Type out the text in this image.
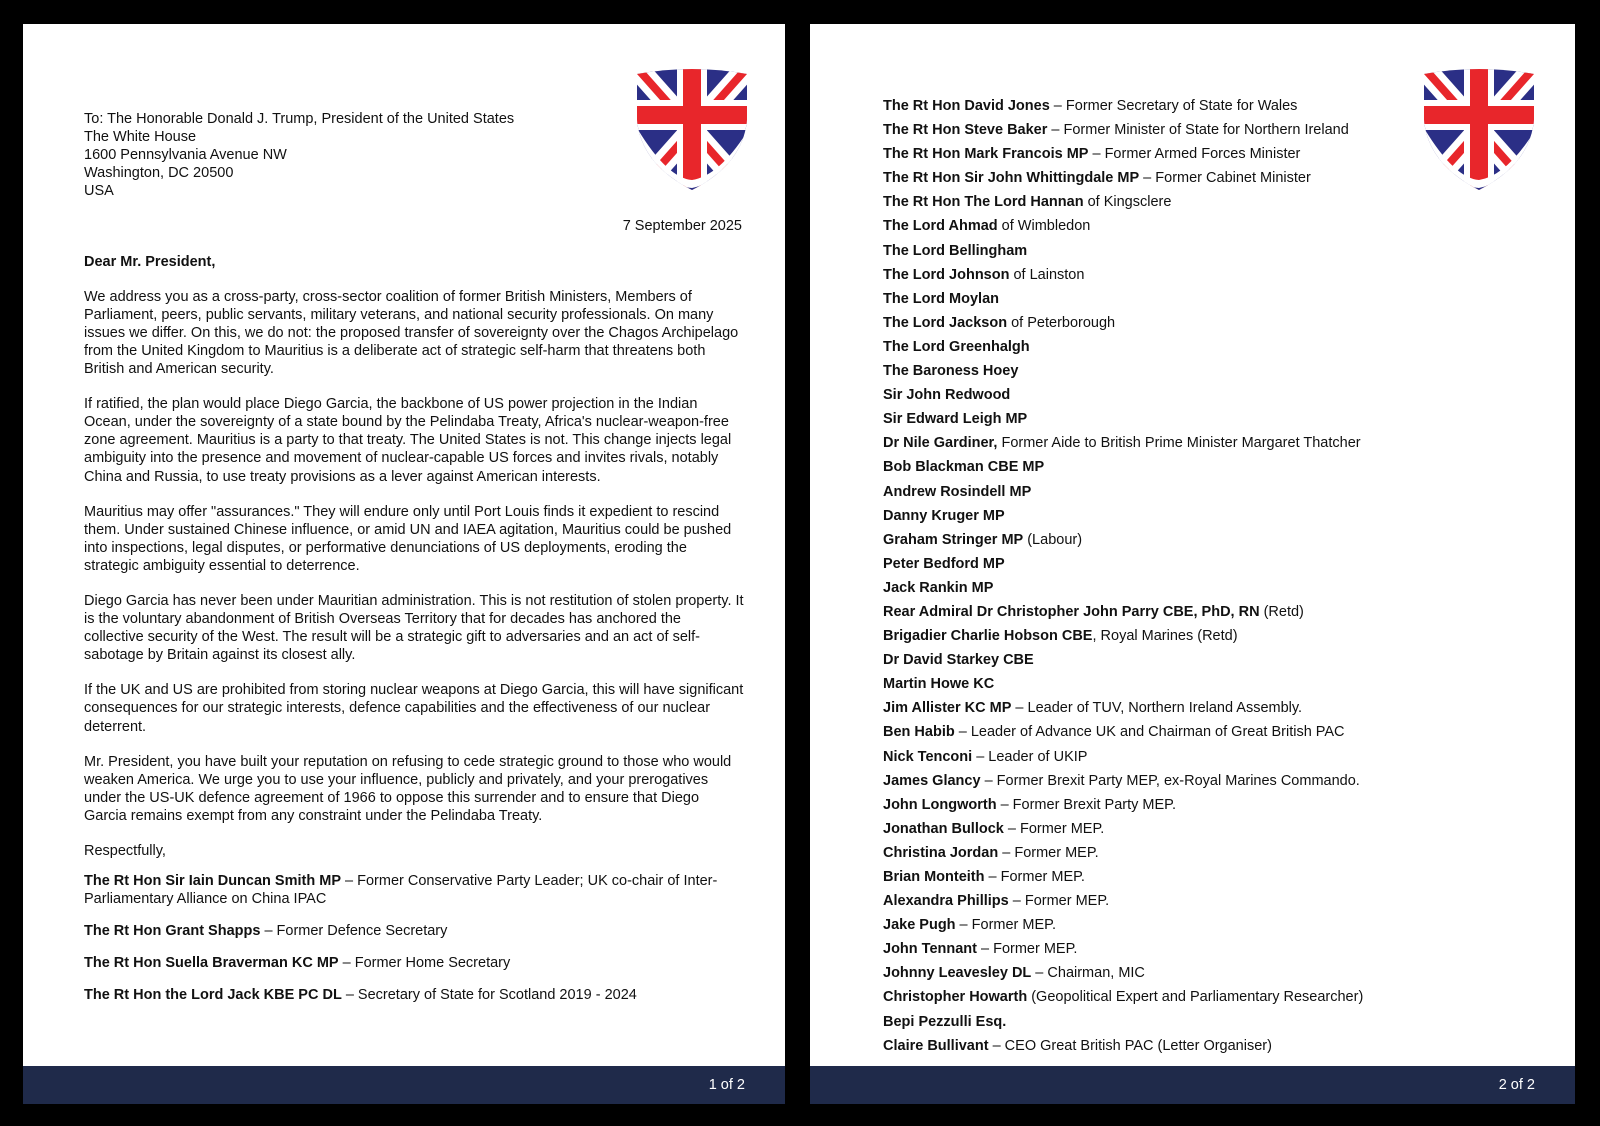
To: The Honorable Donald J. Trump, President of the United States
The White House
1600 Pennsylvania Avenue NW
Washington, DC 20500
USA
7 September 2025
Dear Mr. President,
We address you as a cross-party, cross-sector coalition of former British Ministers, Members of Parliament, peers, public servants, military veterans, and national security professionals. On many issues we differ. On this, we do not: the proposed transfer of sovereignty over the Chagos Archipelago from the United Kingdom to Mauritius is a deliberate act of strategic self-harm that threatens both British and American security.
If ratified, the plan would place Diego Garcia, the backbone of US power projection in the Indian Ocean, under the sovereignty of a state bound by the Pelindaba Treaty, Africa's nuclear-weapon-free zone agreement. Mauritius is a party to that treaty. The United States is not. This change injects legal ambiguity into the presence and movement of nuclear-capable US forces and invites rivals, notably China and Russia, to use treaty provisions as a lever against American interests.
Mauritius may offer "assurances." They will endure only until Port Louis finds it expedient to rescind them. Under sustained Chinese influence, or amid UN and IAEA agitation, Mauritius could be pushed into inspections, legal disputes, or performative denunciations of US deployments, eroding the strategic ambiguity essential to deterrence.
Diego Garcia has never been under Mauritian administration. This is not restitution of stolen property. It is the voluntary abandonment of British Overseas Territory that for decades has anchored the collective security of the West. The result will be a strategic gift to adversaries and an act of self-sabotage by Britain against its closest ally.
If the UK and US are prohibited from storing nuclear weapons at Diego Garcia, this will have significant consequences for our strategic interests, defence capabilities and the effectiveness of our nuclear deterrent.
Mr. President, you have built your reputation on refusing to cede strategic ground to those who would weaken America. We urge you to use your influence, publicly and privately, and your prerogatives under the US-UK defence agreement of 1966 to oppose this surrender and to ensure that Diego Garcia remains exempt from any constraint under the Pelindaba Treaty.
Respectfully,
The Rt Hon Sir Iain Duncan Smith MP – Former Conservative Party Leader; UK co-chair of Inter-Parliamentary Alliance on China IPAC
The Rt Hon Grant Shapps – Former Defence Secretary
The Rt Hon Suella Braverman KC MP – Former Home Secretary
The Rt Hon the Lord Jack KBE PC DL – Secretary of State for Scotland 2019 - 2024
1 of 2
The Rt Hon David Jones – Former Secretary of State for Wales
The Rt Hon Steve Baker – Former Minister of State for Northern Ireland
The Rt Hon Mark Francois MP – Former Armed Forces Minister
The Rt Hon Sir John Whittingdale MP – Former Cabinet Minister
The Rt Hon The Lord Hannan of Kingsclere
The Lord Ahmad of Wimbledon
The Lord Bellingham
The Lord Johnson of Lainston
The Lord Moylan
The Lord Jackson of Peterborough
The Lord Greenhalgh
The Baroness Hoey
Sir John Redwood
Sir Edward Leigh MP
Dr Nile Gardiner, Former Aide to British Prime Minister Margaret Thatcher
Bob Blackman CBE MP
Andrew Rosindell MP
Danny Kruger MP
Graham Stringer MP (Labour)
Peter Bedford MP
Jack Rankin MP
Rear Admiral Dr Christopher John Parry CBE, PhD, RN (Retd)
Brigadier Charlie Hobson CBE, Royal Marines (Retd)
Dr David Starkey CBE
Martin Howe KC
Jim Allister KC MP – Leader of TUV, Northern Ireland Assembly.
Ben Habib – Leader of Advance UK and Chairman of Great British PAC
Nick Tenconi – Leader of UKIP
James Glancy – Former Brexit Party MEP, ex-Royal Marines Commando.
John Longworth – Former Brexit Party MEP.
Jonathan Bullock – Former MEP.
Christina Jordan – Former MEP.
Brian Monteith – Former MEP.
Alexandra Phillips – Former MEP.
Jake Pugh – Former MEP.
John Tennant – Former MEP.
Johnny Leavesley DL – Chairman, MIC
Christopher Howarth (Geopolitical Expert and Parliamentary Researcher)
Bepi Pezzulli Esq.
Claire Bullivant – CEO Great British PAC (Letter Organiser)
2 of 2
